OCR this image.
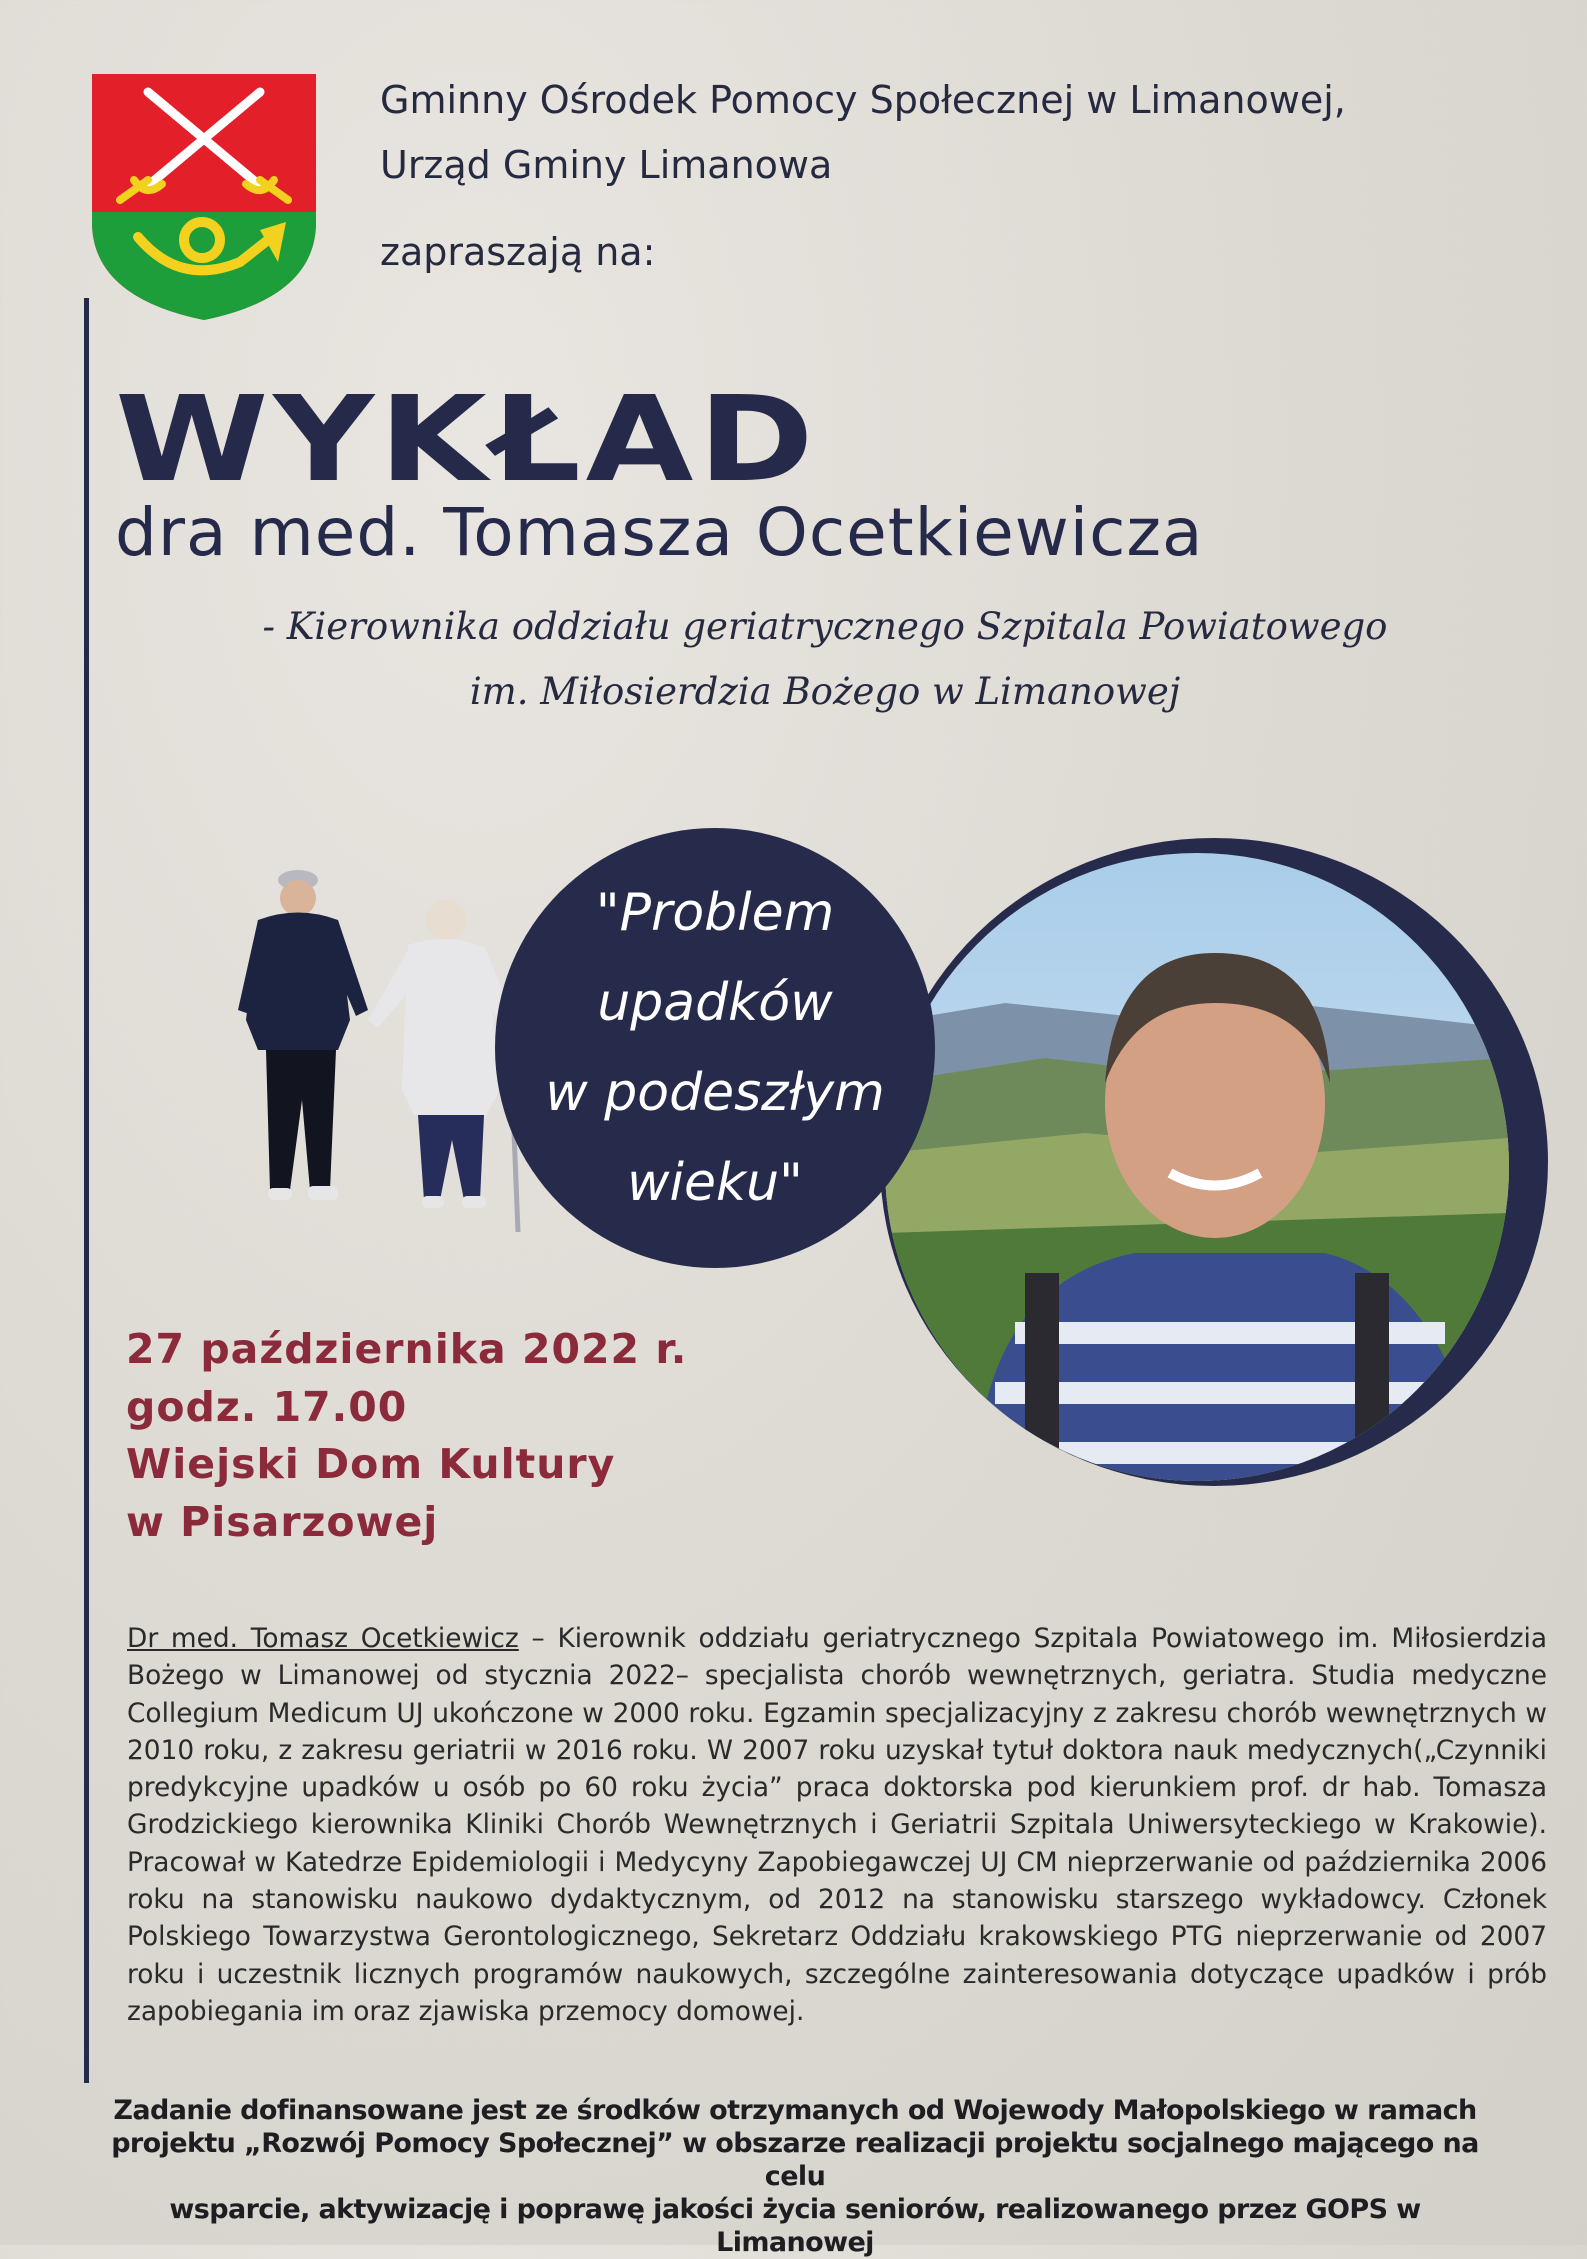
Gminny Ośrodek Pomocy Społecznej w Limanowej,
Urząd Gminy Limanowa
zapraszają na:
WYKŁAD
dra med. Tomasza Ocetkiewicza
- Kierownika oddziału geriatrycznego Szpitala Powiatowego
im. Miłosierdzia Bożego w Limanowej
"Problem
upadków
w podeszłym
wieku"
27 października 2022 r.
godz. 17.00
Wiejski Dom Kultury
w Pisarzowej
Dr med. Tomasz Ocetkiewicz – Kierownik oddziału geriatrycznego Szpitala Powiatowego im. Miłosierdzia Bożego w Limanowej od stycznia 2022– specjalista chorób wewnętrznych, geriatra. Studia medyczne Collegium Medicum UJ ukończone w 2000 roku. Egzamin specjalizacyjny z zakresu chorób wewnętrznych w 2010 roku, z zakresu geriatrii w 2016 roku. W 2007 roku uzyskał tytuł doktora nauk medycznych(„Czynniki predykcyjne upadków u osób po 60 roku życia” praca doktorska pod kierunkiem prof. dr hab. Tomasza Grodzickiego kierownika Kliniki Chorób Wewnętrznych i Geriatrii Szpitala Uniwersyteckiego w Krakowie). Pracował w Katedrze Epidemiologii i Medycyny Zapobiegawczej UJ CM nieprzerwanie od października 2006 roku na stanowisku naukowo dydaktycznym, od 2012 na stanowisku starszego wykładowcy. Członek Polskiego Towarzystwa Gerontologicznego, Sekretarz Oddziału krakowskiego PTG nieprzerwanie od 2007 roku i uczestnik licznych programów naukowych, szczególne zainteresowania dotyczące upadków i prób zapobiegania im oraz zjawiska przemocy domowej.
Zadanie dofinansowane jest ze środków otrzymanych od Wojewody Małopolskiego w ramach
projektu „Rozwój Pomocy Społecznej” w obszarze realizacji projektu socjalnego mającego na celu
wsparcie, aktywizację i poprawę jakości życia seniorów, realizowanego przez GOPS w Limanowej
